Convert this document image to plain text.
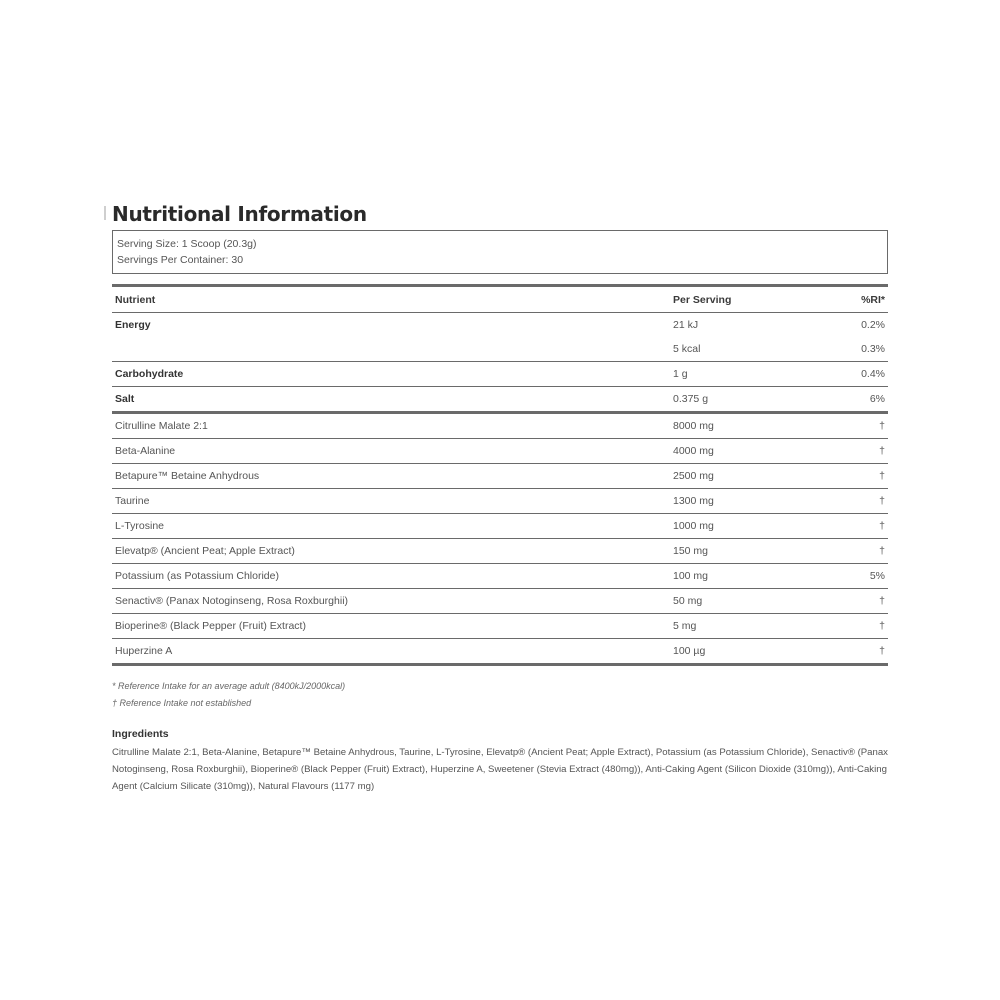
Nutritional Information
Serving Size: 1 Scoop (20.3g)
Servings Per Container: 30
Nutrient	Per Serving	%RI*
Energy	21 kJ	0.2%
	5 kcal	0.3%
Carbohydrate	1 g	0.4%
Salt	0.375 g	6%
Citrulline Malate 2:1	8000 mg	†
Beta-Alanine	4000 mg	†
Betapure™ Betaine Anhydrous	2500 mg	†
Taurine	1300 mg	†
L-Tyrosine	1000 mg	†
Elevatp® (Ancient Peat; Apple Extract)	150 mg	†
Potassium (as Potassium Chloride)	100 mg	5%
Senactiv® (Panax Notoginseng, Rosa Roxburghii)	50 mg	†
Bioperine® (Black Pepper (Fruit) Extract)	5 mg	†
Huperzine A	100 µg	†
* Reference Intake for an average adult (8400kJ/2000kcal)
† Reference Intake not established
Ingredients
Citrulline Malate 2:1, Beta-Alanine, Betapure™ Betaine Anhydrous, Taurine, L-Tyrosine, Elevatp® (Ancient Peat; Apple Extract), Potassium (as Potassium Chloride), Senactiv® (Panax Notoginseng, Rosa Roxburghii), Bioperine® (Black Pepper (Fruit) Extract), Huperzine A, Sweetener (Stevia Extract (480mg)), Anti-Caking Agent (Silicon Dioxide (310mg)), Anti-Caking Agent (Calcium Silicate (310mg)), Natural Flavours (1177 mg)
